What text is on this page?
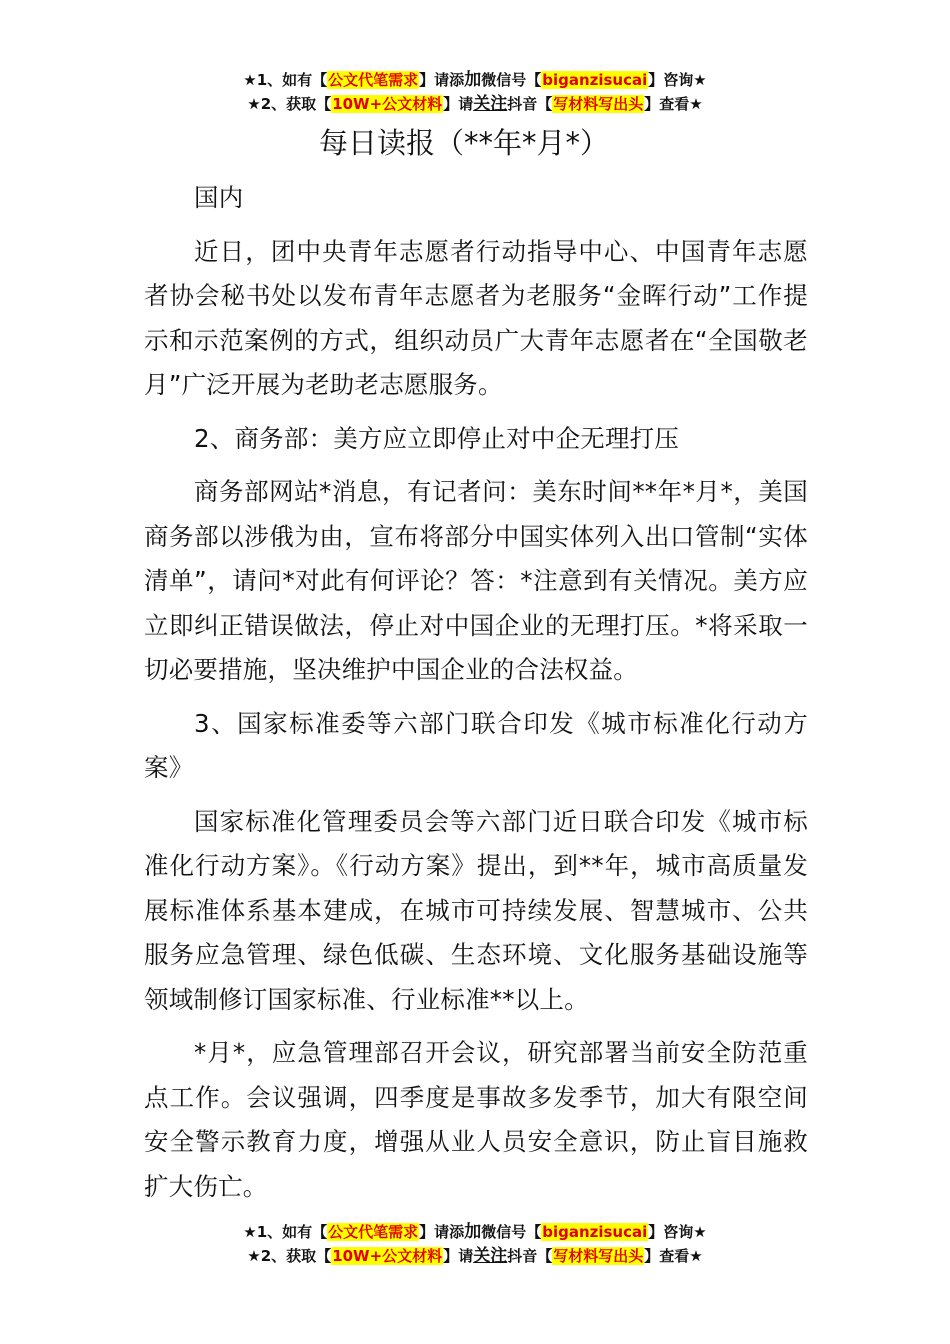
★1、如有【公文代笔需求】请添加微信号【biganzisucai】咨询★
★2、获取【10W+公文材料】请关注抖音【写材料写出头】查看★
每日读报（**年*月*）

国内

近日，团中央青年志愿者行动指导中心、中国青年志愿者协会秘书处以发布青年志愿者为老服务“金晖行动”工作提示和示范案例的方式，组织动员广大青年志愿者在“全国敬老月”广泛开展为老助老志愿服务。

2、商务部：美方应立即停止对中企无理打压

商务部网站*消息，有记者问：美东时间**年*月*，美国商务部以涉俄为由，宣布将部分中国实体列入出口管制“实体清单”，请问*对此有何评论？答：*注意到有关情况。美方应立即纠正错误做法，停止对中国企业的无理打压。*将采取一切必要措施，坚决维护中国企业的合法权益。

3、国家标准委等六部门联合印发《城市标准化行动方案》

国家标准化管理委员会等六部门近日联合印发《城市标准化行动方案》。《行动方案》提出，到**年，城市高质量发展标准体系基本建成，在城市可持续发展、智慧城市、公共服务应急管理、绿色低碳、生态环境、文化服务基础设施等领域制修订国家标准、行业标准**以上。

*月*，应急管理部召开会议，研究部署当前安全防范重点工作。会议强调，四季度是事故多发季节，加大有限空间安全警示教育力度，增强从业人员安全意识，防止盲目施救扩大伤亡。

★1、如有【公文代笔需求】请添加微信号【biganzisucai】咨询★
★2、获取【10W+公文材料】请关注抖音【写材料写出头】查看★
